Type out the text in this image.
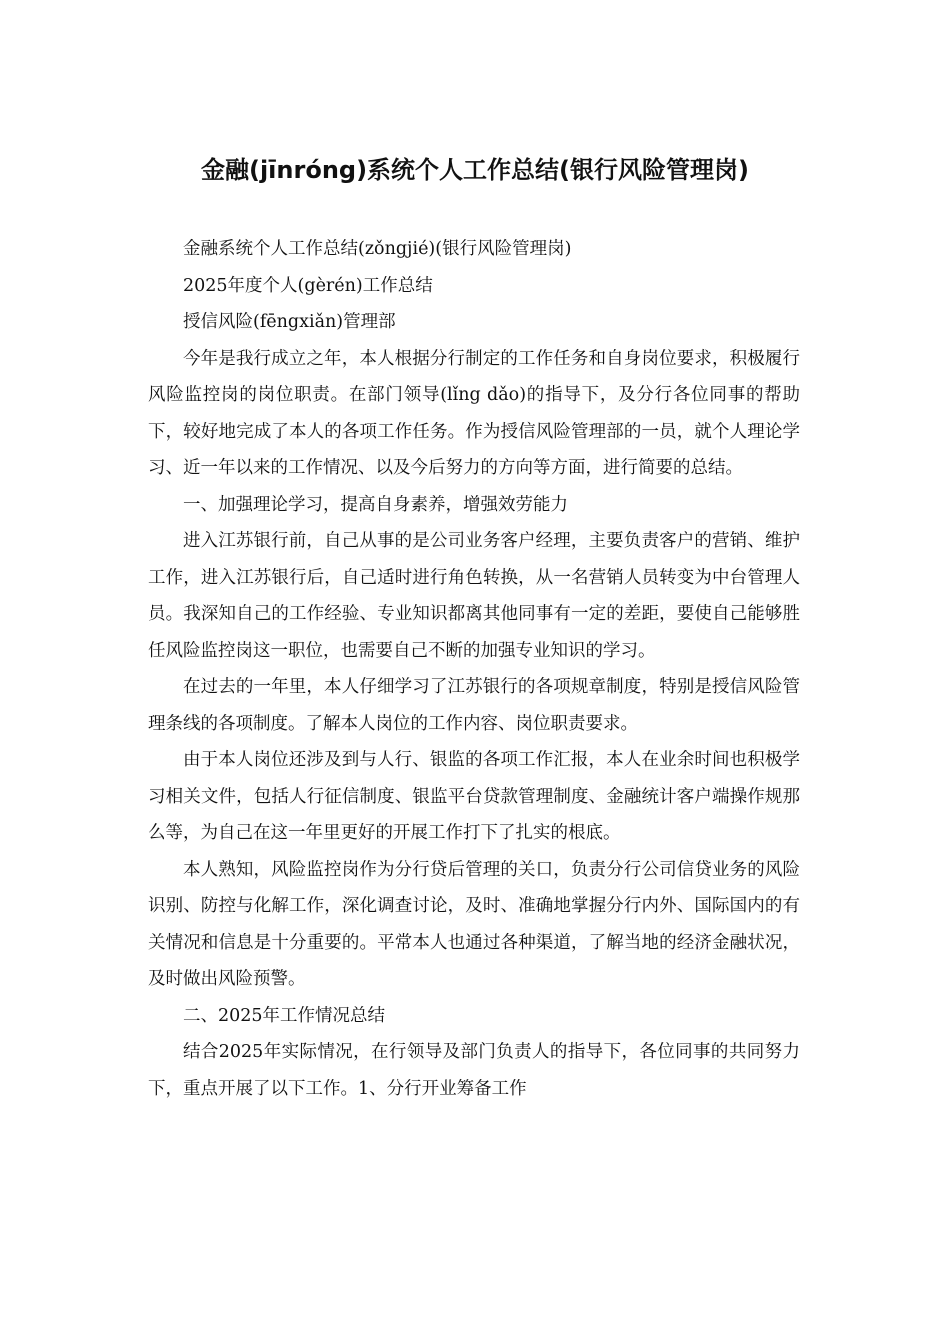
金融(jīnróng)系统个人工作总结(银行风险管理岗)

金融系统个人工作总结(zǒngjié)(银行风险管理岗)

2025年度个人(gèrén)工作总结

授信风险(fēngxiǎn)管理部

今年是我行成立之年，本人根据分行制定的工作任务和自身岗位要求，积极履行风险监控岗的岗位职责。在部门领导(lǐng dǎo)的指导下，及分行各位同事的帮助下，较好地完成了本人的各项工作任务。作为授信风险管理部的一员，就个人理论学习、近一年以来的工作情况、以及今后努力的方向等方面，进行简要的总结。

一、加强理论学习，提高自身素养，增强效劳能力

进入江苏银行前，自己从事的是公司业务客户经理，主要负责客户的营销、维护工作，进入江苏银行后，自己适时进行角色转换，从一名营销人员转变为中台管理人员。我深知自己的工作经验、专业知识都离其他同事有一定的差距，要使自己能够胜任风险监控岗这一职位，也需要自己不断的加强专业知识的学习。

在过去的一年里，本人仔细学习了江苏银行的各项规章制度，特别是授信风险管理条线的各项制度。了解本人岗位的工作内容、岗位职责要求。

由于本人岗位还涉及到与人行、银监的各项工作汇报，本人在业余时间也积极学习相关文件，包括人行征信制度、银监平台贷款管理制度、金融统计客户端操作规那么等，为自己在这一年里更好的开展工作打下了扎实的根底。

本人熟知，风险监控岗作为分行贷后管理的关口，负责分行公司信贷业务的风险识别、防控与化解工作，深化调查讨论，及时、准确地掌握分行内外、国际国内的有关情况和信息是十分重要的。平常本人也通过各种渠道，了解当地的经济金融状况，及时做出风险预警。

二、2025年工作情况总结

结合2025年实际情况，在行领导及部门负责人的指导下，各位同事的共同努力下，重点开展了以下工作。1、分行开业筹备工作
